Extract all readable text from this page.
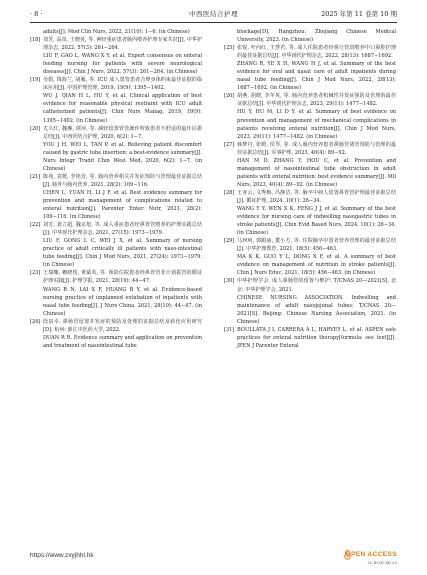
· 8 ·	中西医结合护理	2025 年第 11 卷第 10 期
adults[J]. Mod Clin Nurs, 2022, 21(10): 1−6. (in Chinese)
[18] 刘芳, 高岚, 王晓英, 等. 神经重症患者肠内喂养护理专家共识[J]. 中华护理杂志, 2022, 57(3): 261−264.
LIU F, GAO L, WANG X Y, et al. Expert consensus on enteral feeding nursing for patients with severe neurological diseases[J]. Chin J Nurs, 2022, 57(3): 261−264. (in Chinese)
[19] 吴娟, 钱海兰, 胡雁, 等. ICU 成人置管患者合理身体约束最佳证据的临床应用[J]. 中国护理管理, 2019, 19(9): 1395−1402.
WU J, QIAN H L, HU Y, et al. Clinical application of best evidence for reasonable physical restraint with ICU adult catheterized patients[J]. Chin Nurs Manag, 2019, 19(9): 1395−1402. (in Chinese)
[20] 尤久红, 魏琳, 谭萍, 等. 减轻留置胃管操作所致患者不舒适的最佳证据总结[J]. 中西医结合护理, 2020, 6(2): 1−7.
YOU J H, WEI L, TAN P, et al. Relieving patient discomfort caused by gastric tube insertion: a best-evidence summary[J]. Nurs Integr Tradit Chin West Med, 2020, 6(2): 1−7. (in Chinese)
[21] 陈苑, 袁媛, 李艳芳, 等. 肠内营养相关并发症预防与管理最佳证据总结[J]. 肠外与肠内营养, 2021, 28(2): 109−116.
CHEN L, YUAN H, LI J F, et al. Best evidence summary for prevention and management of complications related to enteral nutrition[J]. Parenter Enter Nutr, 2021, 28(2): 109−116. (in Chinese)
[22] 刘芳, 龚立超, 魏京旭, 等. 成人重症患者经鼻胃管喂养的护理实践总结[J]. 中华现代护理杂志, 2021, 27(15): 1973−1979.
LIU F, GONG L C, WEI J X, et al. Summary of nursing practice of adult critically ill patients with naso-intestinal tube feeding[J]. Chin J Mod Nurs, 2021, 27(24): 1973−1979. (in Chinese)
[23] 王瑞娜, 赖晓枝, 黄斌英, 等. 预防住院患者经鼻胃管非计划拔管的循证护理实践[J]. 护理学报, 2021, 28(19): 44−47.
WANG R N, LAI X F, HUANG B Y, et al. Evidence-based nursing practice of unplanned extubation of inpatients with nasal tube feeding[J]. J Nurs China, 2021, 28(19): 44−47. (in Chinese)
[24] 段泉幸. 鼻肠管留置并发症的预防及处理的证据总结及转化应用研究[D]. 杭州: 浙江中医药大学, 2022.
DUAN R R. Evidence summary and application on prevention and treatment of nasointestinal tube
blockage[D]. Hangzhou: Zhejiang Chinese Medical University, 2023. (in Chinese)
[25] 张锐, 叶向红, 王慧君, 等. 成人住院患者经鼻行管饲喂养中口鼻腔护理的最佳证据总结[J]. 中华现代护理杂志, 2022, 28(13): 1687−1692.
ZHANG R, YE X H, WANG H J, et al. Summary of the best evidence for oral and nasal care of adult inpatients during nasal tube feeding[J]. Chin J Mod Nurs, 2022, 28(13): 1687−1692. (in Chinese)
[26] 胡燕, 胡晓, 李冬英, 等. 肠内营养患者机械性并发症预防及管理的最佳证据总结[J]. 中华现代护理杂志, 2023, 29(11): 1477−1482.
HU Y, HU M, LI D Y, et al. Summary of best evidence on prevention and management of mechanical complications in patients receiving enteral nutrition[J]. Chin J Mod Nurs, 2023, 29(11): 1477−1482. (in Chinese)
[27] 韩梦丹, 张媛, 侯琴, 等. 成人肠内营养患者鼻肠管堵管预防与管理的最佳证据总结[J]. 军事护理, 2023, 40(4): 89−92.
HAN M D, ZHANG Y, HOU C, et al. Prevention and management of nasointestinal tube obstruction in adult patients with enteral nutrition: best evidence summary[J]. Mil Nurs, 2023, 40(4): 89−92. (in Chinese)
[28] 王亚云, 文秀梅, 冯静洁, 等. 脑卒中病人留置鼻胃管护理最佳证据总结[J]. 循证护理, 2024, 10(1): 26−34.
WANG Y Y, WEN X K, FENG J J, et al. Summary of the best evidence for nursing care of indwelling nasogastric tubes in stroke patients[J]. Chin Evid Based Nurs, 2024, 10(1): 26−34. (in Chinese)
[29] 马珂珂, 郭跟丽, 董小方, 等. 住院脑卒中患者营养管理的最佳证据总结[J]. 中华护理教育, 2021, 18(5): 456−463.
MA K K, GUO Y L, DONG X F, et al. A summary of best evidence on management of nutrition in stroke patients[J]. Chin J Nurs Educ, 2021, 18(5): 456−463. (in Chinese)
[30] 中华护理学会. 成人鼻肠管的留置与维护: T/CNAS 20—2021[S]. 北京: 中华护理学会, 2021.
CHINESE NURSING ASSOCIATION. Indwelling and maintenance of adult nasojejunal tubes: T/CNAS 20—2021[S]. Beijing: Chinese Nursing Association, 2021. (in Chinese)
[31] BOULLATA J I, CARRERA A L, HARVEY L, et al. ASPEN safe practices for enteral nutrition therapy[formula: see text][J]. JPEN J Parenter Enteral
https://www.zxyjhhl.hk	OPEN ACCESS
CC BY-NC-ND 4.0
